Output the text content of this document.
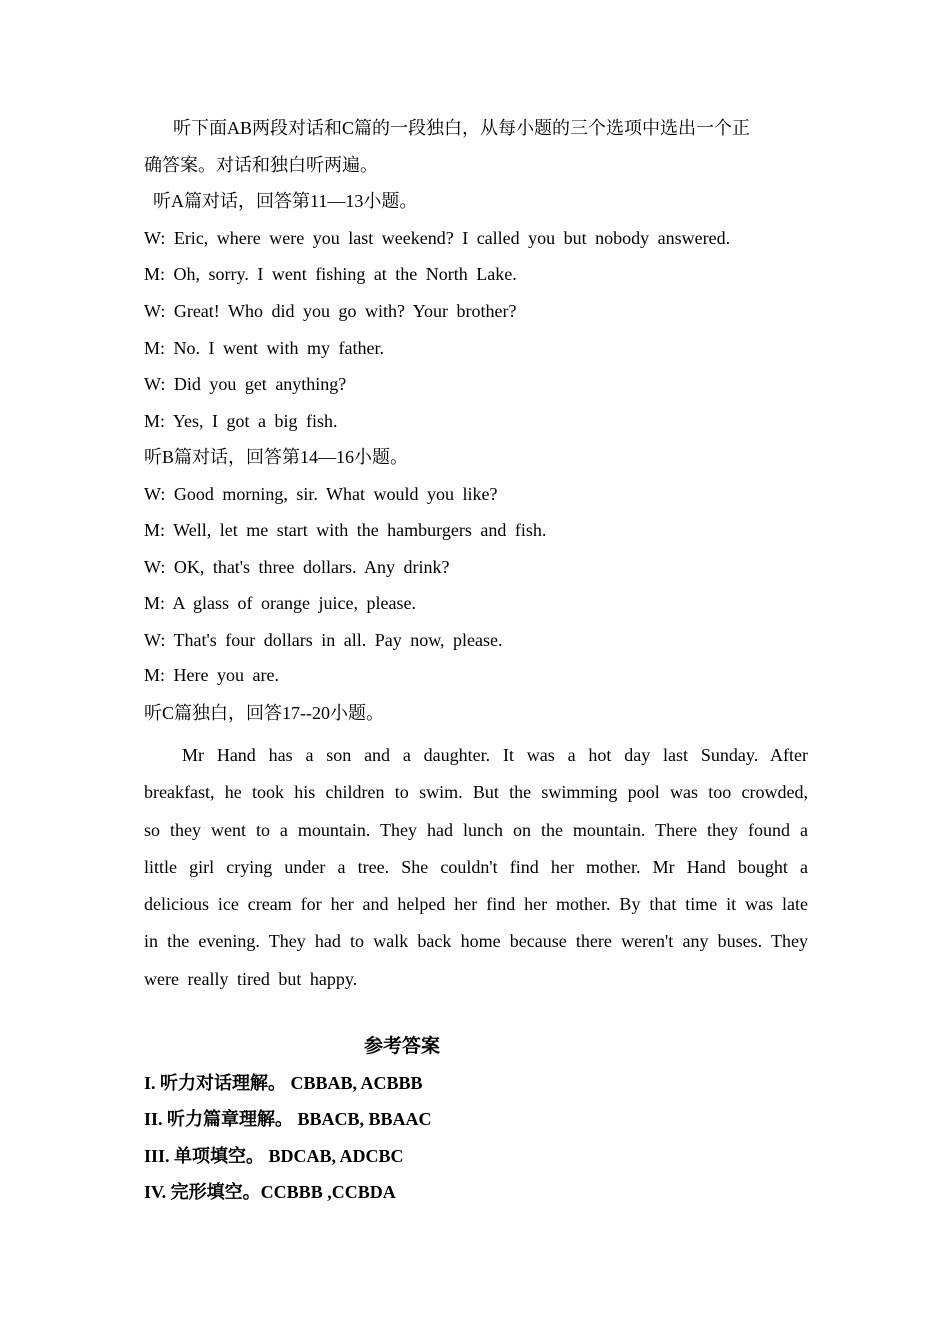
听下面AB两段对话和C篇的一段独白，从每小题的三个选项中选出一个正
确答案。对话和独白听两遍。
听A篇对话，回答第11—13小题。
W: Eric, where were you last weekend? I called you but nobody answered.
M: Oh, sorry. I went fishing at the North Lake.
W: Great! Who did you go with? Your brother?
M: No. I went with my father.
W: Did you get anything?
M: Yes, I got a big fish.
听B篇对话，回答第14—16小题。
W: Good morning, sir. What would you like?
M: Well, let me start with the hamburgers and fish.
W: OK, that's three dollars. Any drink?
M: A glass of orange juice, please.
W: That's four dollars in all. Pay now, please.
M: Here you are.
听C篇独白，回答17--20小题。

Mr Hand has a son and a daughter. It was a hot day last Sunday. After breakfast, he took his children to swim. But the swimming pool was too crowded, so they went to a mountain. They had lunch on the mountain. There they found a little girl crying under a tree. She couldn't find her mother. Mr Hand bought a delicious ice cream for her and helped her find her mother. By that time it was late in the evening. They had to walk back home because there weren't any buses. They were really tired but happy.

参考答案
I. 听力对话理解。 CBBAB, ACBBB
II. 听力篇章理解。 BBACB, BBAAC
III. 单项填空。 BDCAB, ADCBC
IV. 完形填空。CCBBB ,CCBDA
